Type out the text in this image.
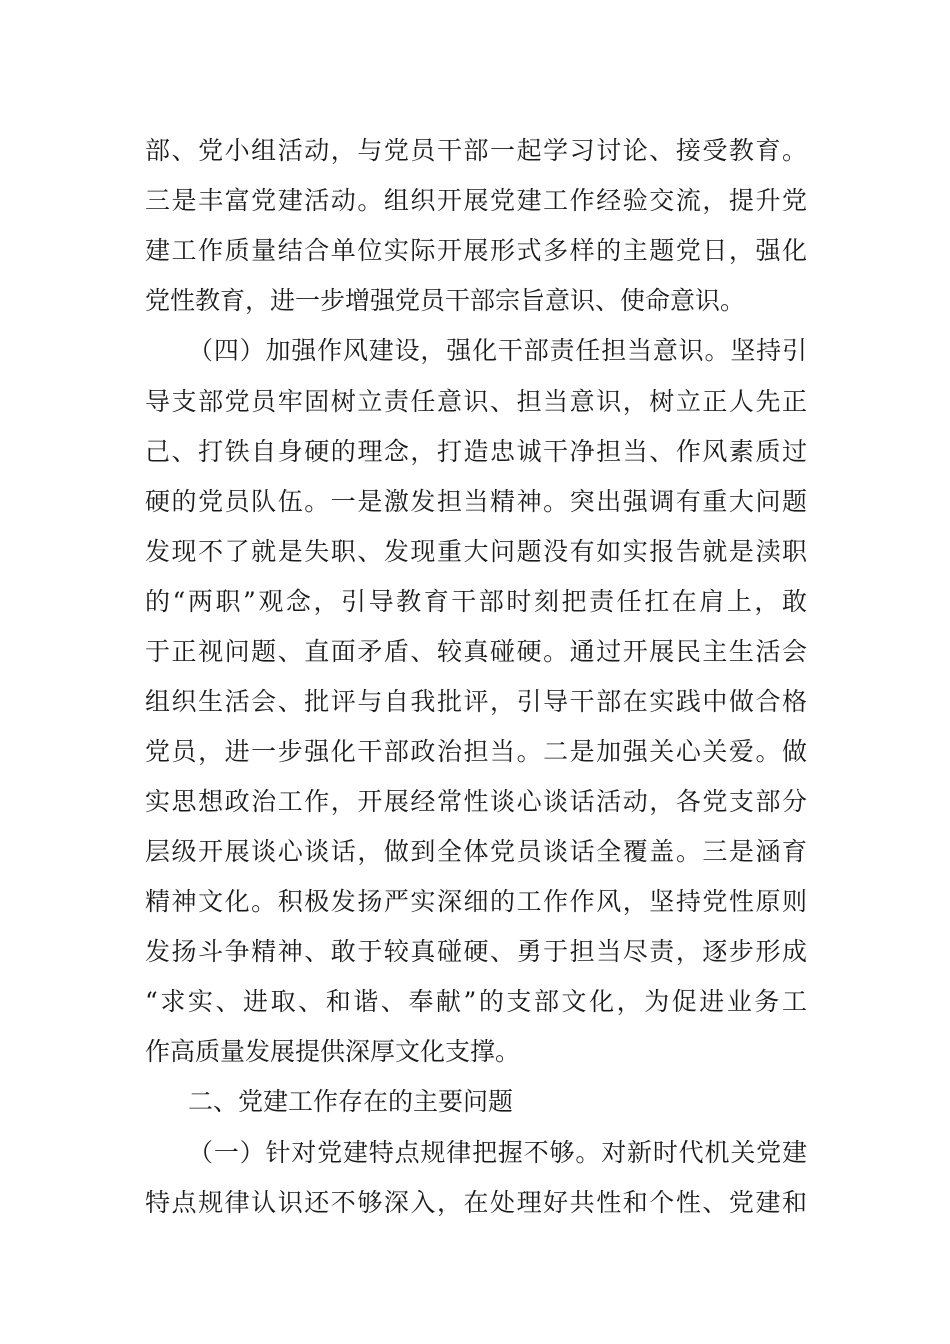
部、党小组活动，与党员干部一起学习讨论、接受教育。
三是丰富党建活动。组织开展党建工作经验交流，提升党
建工作质量结合单位实际开展形式多样的主题党日，强化
党性教育，进一步增强党员干部宗旨意识、使命意识。
（四）加强作风建设，强化干部责任担当意识。坚持引
导支部党员牢固树立责任意识、担当意识，树立正人先正
己、打铁自身硬的理念，打造忠诚干净担当、作风素质过
硬的党员队伍。一是激发担当精神。突出强调有重大问题
发现不了就是失职、发现重大问题没有如实报告就是渎职
的“两职”观念，引导教育干部时刻把责任扛在肩上，敢
于正视问题、直面矛盾、较真碰硬。通过开展民主生活会
组织生活会、批评与自我批评，引导干部在实践中做合格
党员，进一步强化干部政治担当。二是加强关心关爱。做
实思想政治工作，开展经常性谈心谈话活动，各党支部分
层级开展谈心谈话，做到全体党员谈话全覆盖。三是涵育
精神文化。积极发扬严实深细的工作作风，坚持党性原则
发扬斗争精神、敢于较真碰硬、勇于担当尽责，逐步形成
“求实、进取、和谐、奉献”的支部文化，为促进业务工
作高质量发展提供深厚文化支撑。
二、党建工作存在的主要问题
（一）针对党建特点规律把握不够。对新时代机关党建
特点规律认识还不够深入，在处理好共性和个性、党建和
